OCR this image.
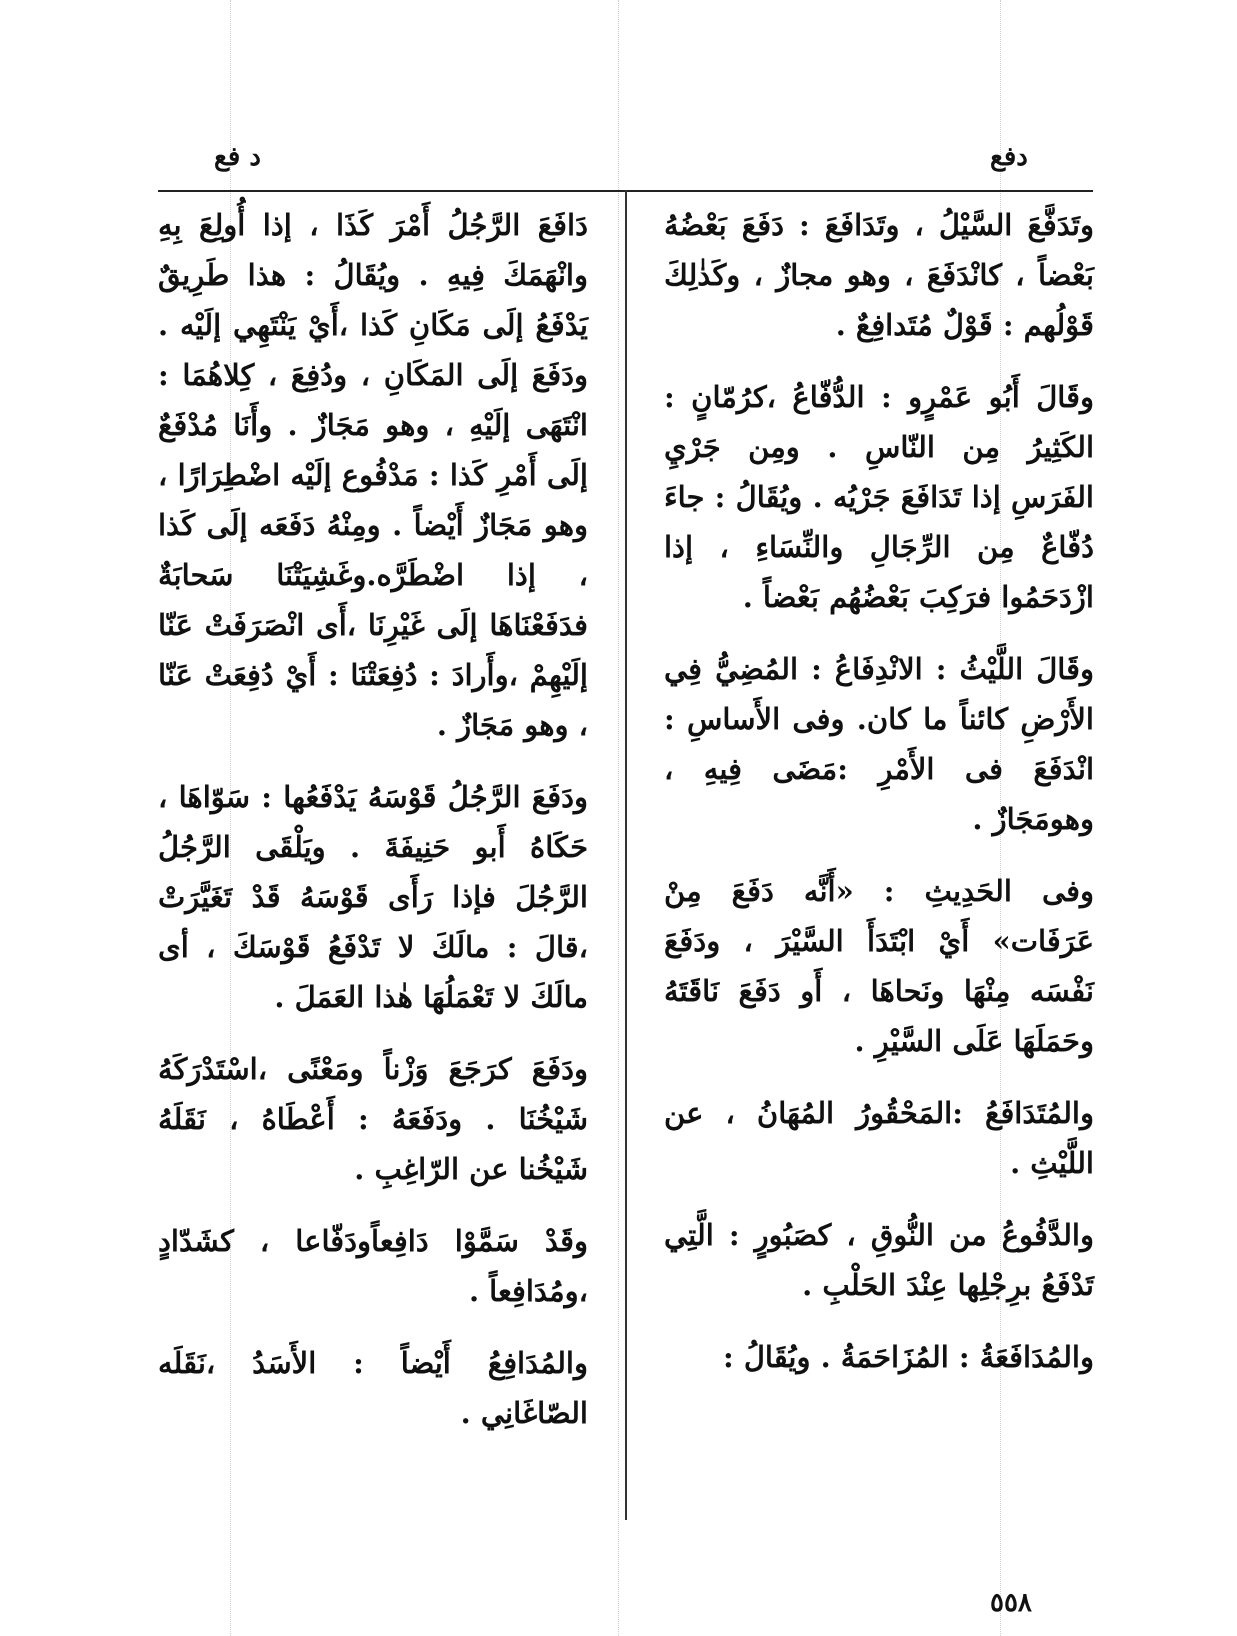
د فع	دفع

وتَدَفَّعَ السَّيْلُ ، وتَدَافَعَ : دَفَعَ بَعْضُهُ بَعْضاً ، كانْدَفَعَ ، وهو مجازٌ ، وكَذٰلِكَ قَوْلُهم : قَوْلٌ مُتَدافِعٌ .

وقَالَ أَبُو عَمْرٍو : الدُّفّاعُ ،كرُمّانٍ : الكَثِيرُ مِن النّاسِ . ومِن جَرْيِ الفَرَسِ إذا تَدَافَعَ جَرْيُه . ويُقَالُ : جاءَ دُفّاعٌ مِن الرِّجَالِ والنِّسَاءِ ، إذا ازْدَحَمُوا فرَكِبَ بَعْضُهُم بَعْضاً .

وقَالَ اللَّيْثُ : الانْدِفَاعُ : المُضِيُّ فِي الأَرْضِ كائناً ما كان. وفى الأَساسِ : انْدَفَعَ فى الأَمْرِ :مَضَى فِيهِ ، وهومَجَازٌ .

وفى الحَدِيثِ : «أَنَّه دَفَعَ مِنْ عَرَفَات» أَيْ ابْتَدَأَ السَّيْرَ ، ودَفَعَ نَفْسَه مِنْهَا ونَحاهَا ، أَو دَفَعَ نَاقَتَهُ وحَمَلَهَا عَلَى السَّيْرِ .

والمُتَدَافَعُ :المَحْقُورُ المُهَانُ ، عن اللَّيْثِ .

والدَّفُوعُ من النُّوقِ ، كصَبُورٍ : الَّتِي تَدْفَعُ برِجْلِها عِنْدَ الحَلْبِ .

والمُدَافَعَةُ : المُزَاحَمَةُ . ويُقَالُ :

دَافَعَ الرَّجُلُ أَمْرَ كَذَا ، إذا أُولِعَ بِهِ وانْهَمَكَ فِيهِ . ويُقَالُ : هذا طَرِيقٌ يَدْفَعُ إلَى مَكَانِ كَذا ،أَيْ يَنْتَهِي إلَيْه . ودَفَعَ إلَى المَكَانِ ، ودُفِعَ ، كِلاهُمَا : انْتَهَى إلَيْهِ ، وهو مَجَازٌ . وأَنَا مُدْفَعٌ إلَى أَمْرِ كَذا : مَدْفُوع إلَيْه اضْطِرَارًا ، وهو مَجَازٌ أَيْضاً . ومِنْهُ دَفَعَه إلَى كَذا ، إذا اضْطَرَّه.وغَشِيَتْنَا سَحابَةٌ فدَفَعْنَاهَا إلَى غَيْرِنَا ،أَى انْصَرَفَتْ عَنّا إلَيْهِمْ ،وأَرادَ : دُفِعَتْنَا : أَيْ دُفِعَتْ عَنّا ، وهو مَجَازٌ .

ودَفَعَ الرَّجُلُ قَوْسَهُ يَدْفَعُها : سَوّاهَا ، حَكَاهُ أَبو حَنِيفَةَ . ويَلْقَى الرَّجُلُ الرَّجُلَ فإذا رَأَى قَوْسَهُ قَدْ تَغَيَّرَتْ ،قالَ : مالَكَ لا تَدْفَعُ قَوْسَكَ ، أى مالَكَ لا تَعْمَلُهَا هٰذا العَمَلَ .

ودَفَعَ كرَجَعَ وَزْناً ومَعْنًى ،اسْتَدْرَكَهُ شَيْخُنَا . ودَفَعَهُ : أَعْطَاهُ ، نَقَلَهُ شَيْخُنا عن الرّاغِبِ .

وقَدْ سَمَّوْا دَافِعاًودَفّاعا ، كشَدّادٍ ،ومُدَافِعاً .

والمُدَافِعُ أَيْضاً : الأَسَدُ ،نَقَلَه الصّاغَانِي .

٥٥٨
